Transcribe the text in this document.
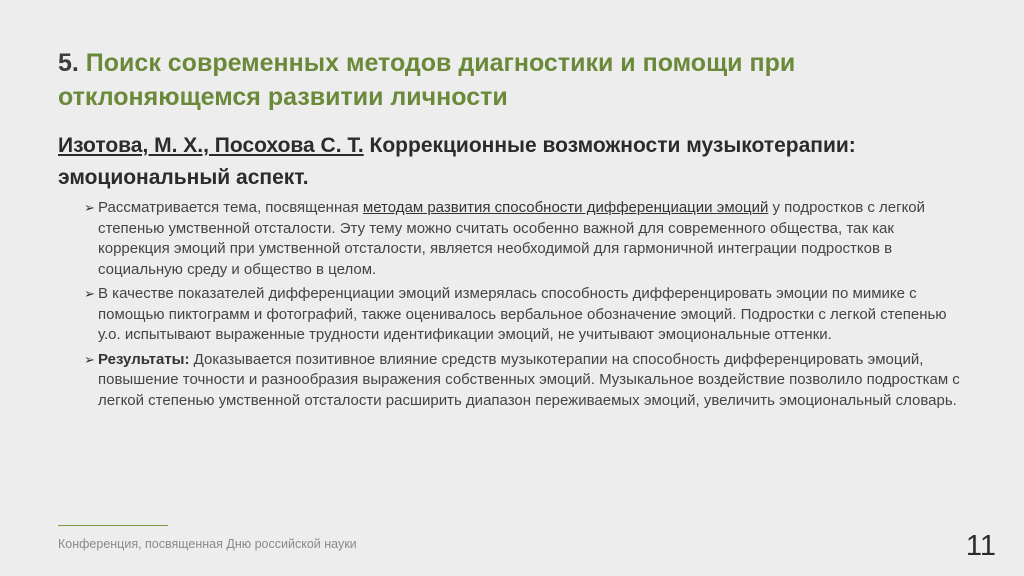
5. Поиск современных методов диагностики и помощи при
отклоняющемся развитии личности
Изотова, М. Х., Посохова С. Т. Коррекционные возможности музыкотерапии: эмоциональный аспект.
➢ Рассматривается тема, посвященная методам развития способности дифференциации эмоций у подростков с легкой степенью умственной отсталости. Эту тему можно считать особенно важной для современного общества, так как коррекция эмоций при умственной отсталости, является необходимой для гармоничной интеграции подростков в социальную среду и общество в целом.
➢ В качестве показателей дифференциации эмоций измерялась способность дифференцировать эмоции по мимике с помощью пиктограмм и фотографий, также оценивалось вербальное обозначение эмоций. Подростки с легкой степенью у.о. испытывают выраженные трудности идентификации эмоций, не учитывают эмоциональные оттенки.
➢ Результаты: Доказывается позитивное влияние средств музыкотерапии на способность дифференцировать эмоций, повышение точности и разнообразия выражения собственных эмоций. Музыкальное воздействие позволило подросткам с легкой степенью умственной отсталости расширить диапазон переживаемых эмоций, увеличить эмоциональный словарь.
Конференция, посвященная Дню российской науки	11
